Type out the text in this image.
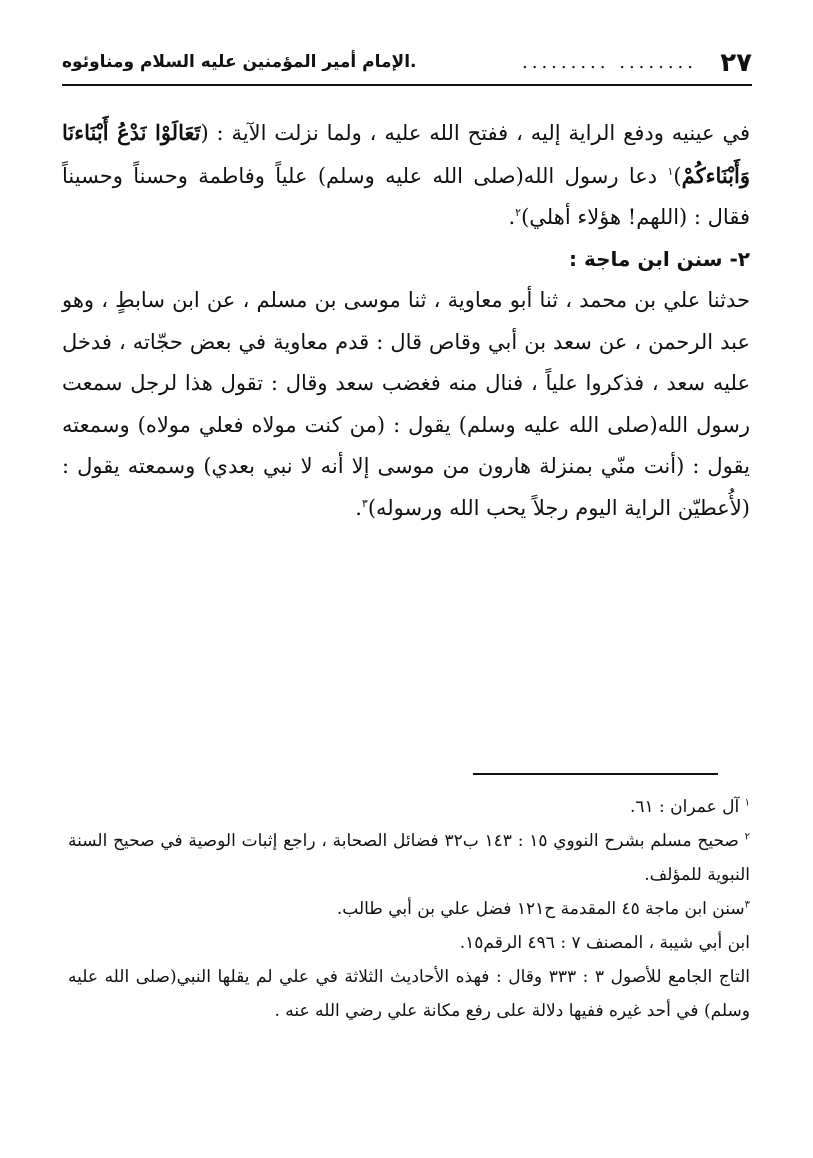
٢٧
........ .........
.الإمام أمير المؤمنين عليه السلام ومناوئوه

في عينيه ودفع الراية إليه ، ففتح الله عليه ، ولما نزلت الآية : (تَعَالَوْا نَدْعُ أَبْنَاءنَا وَأَبْنَاءكُمْ)$^١$ دعا رسول الله(صلى الله عليه وسلم) علياً وفاطمة وحسناً وحسيناً فقال : (اللهم! هؤلاء أهلي)$^٢$.

٢- سنن ابن ماجة :

حدثنا علي بن محمد ، ثنا أبو معاوية ، ثنا موسى بن مسلم ، عن ابن سابطٍ ، وهو عبد الرحمن ، عن سعد بن أبي وقاص قال : قدم معاوية في بعض حجّاته ، فدخل عليه سعد ، فذكروا علياً ، فنال منه فغضب سعد وقال : تقول هذا لرجل سمعت رسول الله(صلى الله عليه وسلم) يقول : (من كنت مولاه فعلي مولاه) وسمعته يقول : (أنت منّي بمنزلة هارون من موسى إلا أنه لا نبي بعدي) وسمعته يقول : (لأُعطيّن الراية اليوم رجلاً يحب الله ورسوله)$^٣$.

$^١$ آل عمران : ٦١.

$^٢$ صحيح مسلم بشرح النووي ١٥ : ١٤٣ ب٣٢ فضائل الصحابة ، راجع إثبات الوصية في صحيح السنة النبوية للمؤلف.

$^٣$سنن ابن ماجة ٤٥ المقدمة ح١٢١ فضل علي بن أبي طالب.

ابن أبي شيبة ، المصنف ٧ : ٤٩٦ الرقم١٥.

التاج الجامع للأصول ٣ : ٣٣٣ وقال : فهذه الأحاديث الثلاثة في علي لم يقلها النبي(صلى الله عليه وسلم) في أحد غيره ففيها دلالة على رفع مكانة علي رضي الله عنه .
